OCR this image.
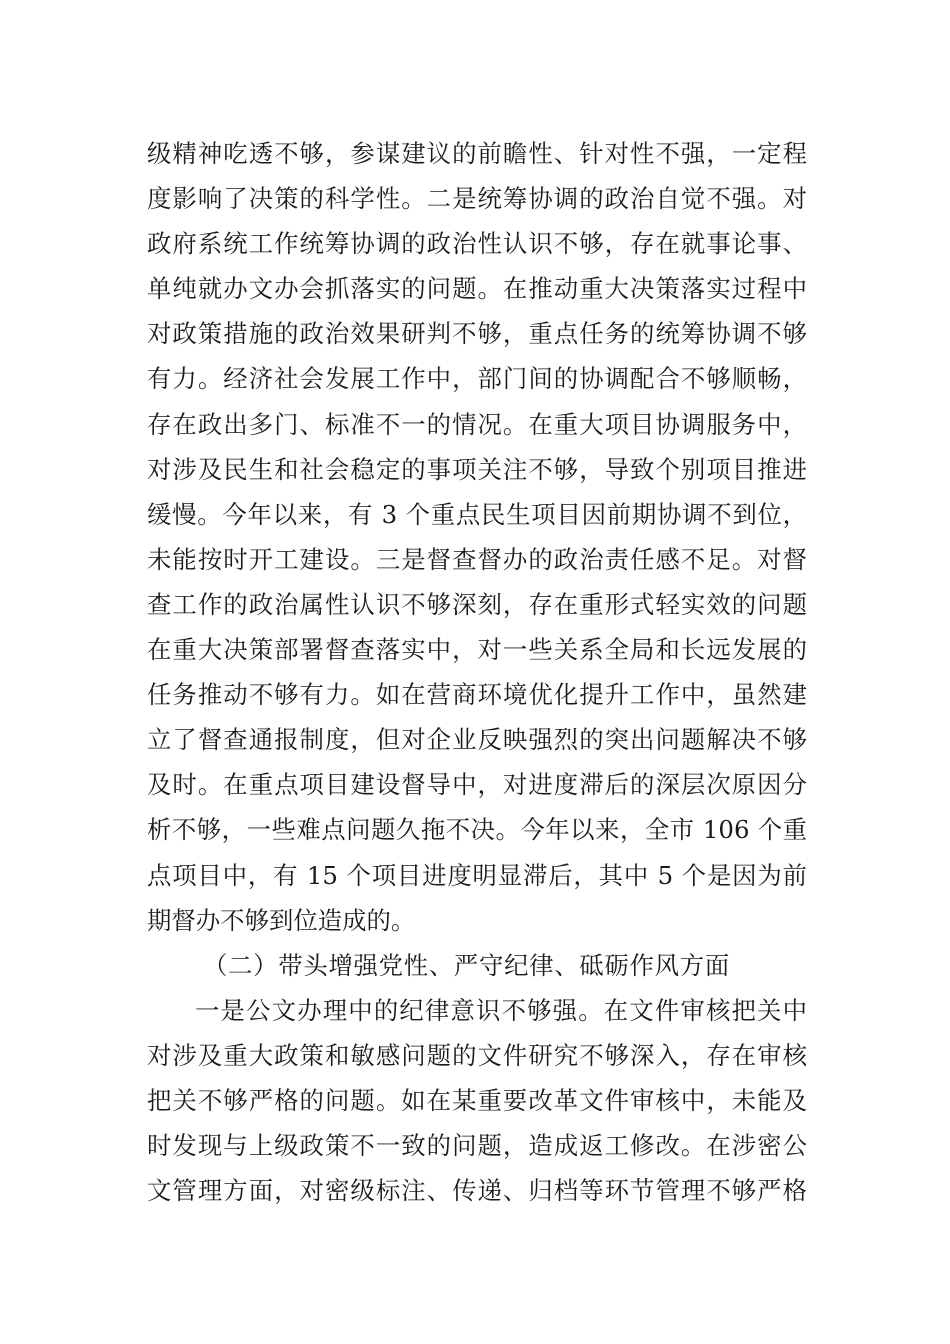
级精神吃透不够，参谋建议的前瞻性、针对性不强，一定程
度影响了决策的科学性。二是统筹协调的政治自觉不强。对
政府系统工作统筹协调的政治性认识不够，存在就事论事、
单纯就办文办会抓落实的问题。在推动重大决策落实过程中
对政策措施的政治效果研判不够，重点任务的统筹协调不够
有力。经济社会发展工作中，部门间的协调配合不够顺畅，
存在政出多门、标准不一的情况。在重大项目协调服务中，
对涉及民生和社会稳定的事项关注不够，导致个别项目推进
缓慢。今年以来，有 3 个重点民生项目因前期协调不到位，
未能按时开工建设。三是督查督办的政治责任感不足。对督
查工作的政治属性认识不够深刻，存在重形式轻实效的问题
在重大决策部署督查落实中，对一些关系全局和长远发展的
任务推动不够有力。如在营商环境优化提升工作中，虽然建
立了督查通报制度，但对企业反映强烈的突出问题解决不够
及时。在重点项目建设督导中，对进度滞后的深层次原因分
析不够，一些难点问题久拖不决。今年以来，全市 106 个重
点项目中，有 15 个项目进度明显滞后，其中 5 个是因为前
期督办不够到位造成的。
（二）带头增强党性、严守纪律、砥砺作风方面
一是公文办理中的纪律意识不够强。在文件审核把关中
对涉及重大政策和敏感问题的文件研究不够深入，存在审核
把关不够严格的问题。如在某重要改革文件审核中，未能及
时发现与上级政策不一致的问题，造成返工修改。在涉密公
文管理方面，对密级标注、传递、归档等环节管理不够严格
